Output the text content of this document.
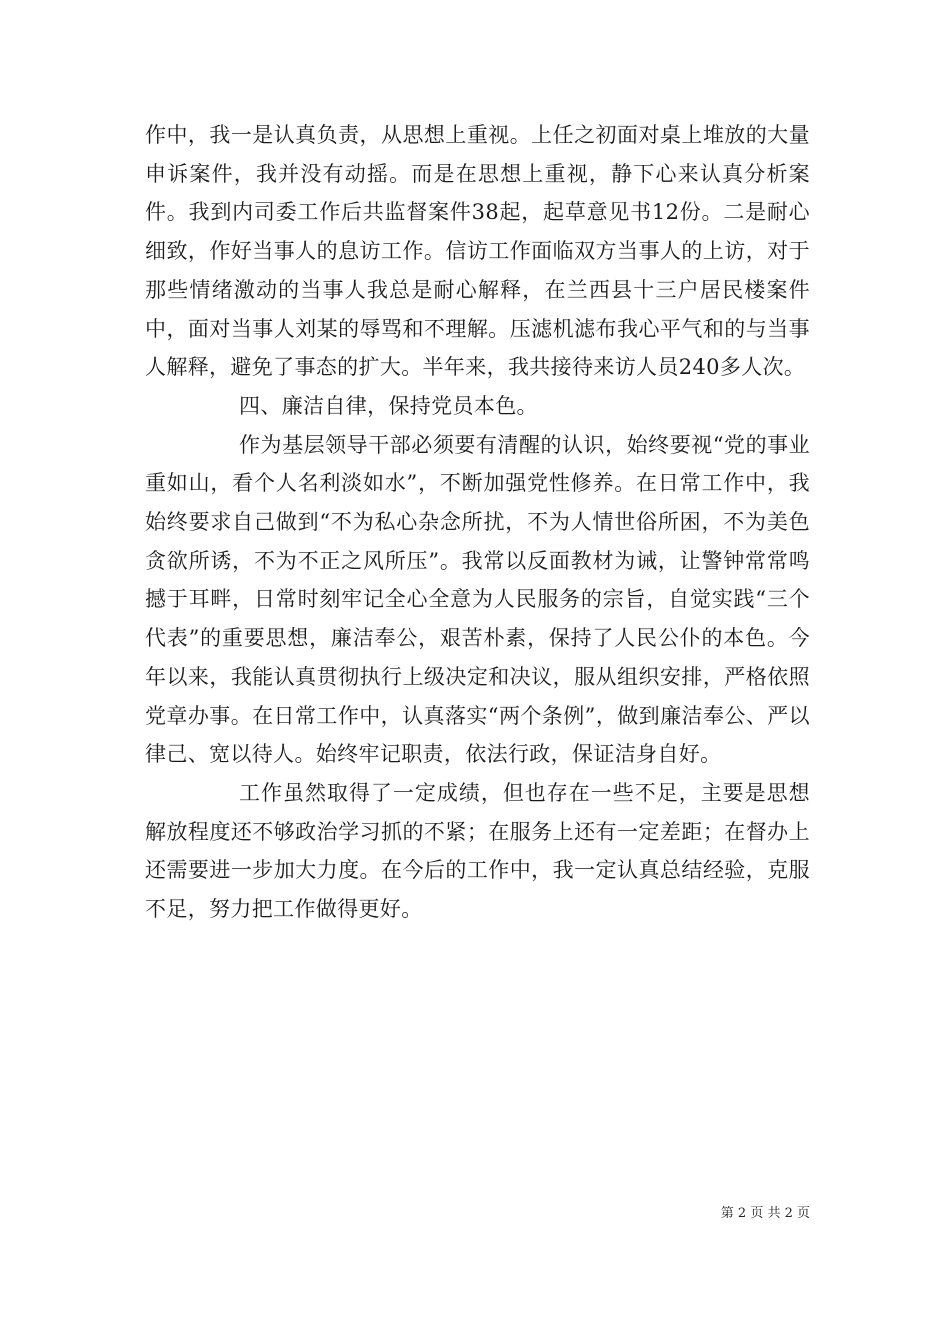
作中，我一是认真负责，从思想上重视。上任之初面对桌上堆放的大量申诉案件，我并没有动摇。而是在思想上重视，静下心来认真分析案件。我到内司委工作后共监督案件38起，起草意见书12份。二是耐心细致，作好当事人的息访工作。信访工作面临双方当事人的上访，对于那些情绪激动的当事人我总是耐心解释，在兰西县十三户居民楼案件中，面对当事人刘某的辱骂和不理解。压滤机滤布我心平气和的与当事人解释，避免了事态的扩大。半年来，我共接待来访人员240多人次。

四、廉洁自律，保持党员本色。

作为基层领导干部必须要有清醒的认识，始终要视“党的事业重如山，看个人名利淡如水”，不断加强党性修养。在日常工作中，我始终要求自己做到“不为私心杂念所扰，不为人情世俗所困，不为美色贪欲所诱，不为不正之风所压”。我常以反面教材为诫，让警钟常常鸣撼于耳畔，日常时刻牢记全心全意为人民服务的宗旨，自觉实践“三个代表”的重要思想，廉洁奉公，艰苦朴素，保持了人民公仆的本色。今年以来，我能认真贯彻执行上级决定和决议，服从组织安排，严格依照党章办事。在日常工作中，认真落实“两个条例”，做到廉洁奉公、严以律己、宽以待人。始终牢记职责，依法行政，保证洁身自好。

工作虽然取得了一定成绩，但也存在一些不足，主要是思想解放程度还不够政治学习抓的不紧；在服务上还有一定差距；在督办上还需要进一步加大力度。在今后的工作中，我一定认真总结经验，克服不足，努力把工作做得更好。

第 2 页 共 2 页
